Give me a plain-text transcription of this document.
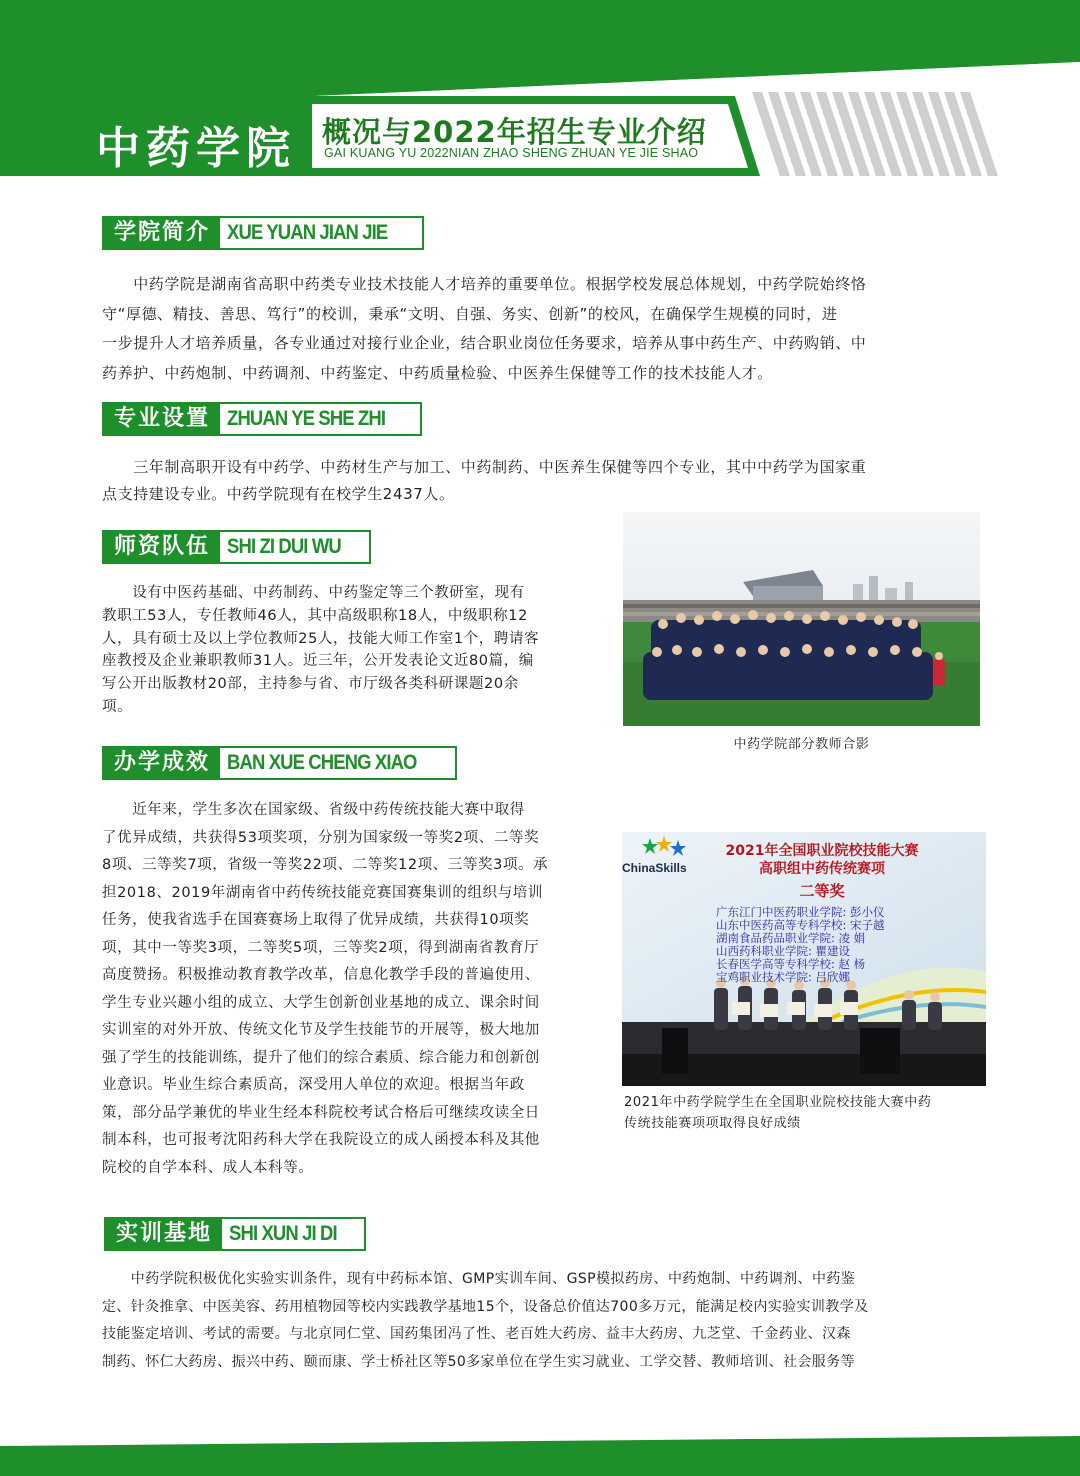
中药学院 概况与2022年招生专业介绍
GAI KUANG YU 2022NIAN ZHAO SHENG ZHUAN YE JIE SHAO
学院简介 XUE YUAN JIAN JIE
　　中药学院是湖南省高职中药类专业技术技能人才培养的重要单位。根据学校发展总体规划，中药学院始终恪
守“厚德、精技、善思、笃行”的校训，秉承“文明、自强、务实、创新”的校风，在确保学生规模的同时，进
一步提升人才培养质量，各专业通过对接行业企业，结合职业岗位任务要求，培养从事中药生产、中药购销、中
药养护、中药炮制、中药调剂、中药鉴定、中药质量检验、中医养生保健等工作的技术技能人才。
专业设置 ZHUAN YE SHE ZHI
　　三年制高职开设有中药学、中药材生产与加工、中药制药、中医养生保健等四个专业，其中中药学为国家重
点支持建设专业。中药学院现有在校学生2437人。
师资队伍 SHI ZI DUI WU
　　设有中医药基础、中药制药、中药鉴定等三个教研室，现有
教职工53人，专任教师46人，其中高级职称18人，中级职称12
人，具有硕士及以上学位教师25人，技能大师工作室1个，聘请客
座教授及企业兼职教师31人。近三年，公开发表论文近80篇，编
写公开出版教材20部，主持参与省、市厅级各类科研课题20余
项。
中药学院部分教师合影
办学成效 BAN XUE CHENG XIAO
　　近年来，学生多次在国家级、省级中药传统技能大赛中取得
了优异成绩，共获得53项奖项，分别为国家级一等奖2项、二等奖
8项、三等奖7项，省级一等奖22项、二等奖12项、三等奖3项。承
担2018、2019年湖南省中药传统技能竞赛国赛集训的组织与培训
任务，使我省选手在国赛赛场上取得了优异成绩，共获得10项奖
项，其中一等奖3项，二等奖5项，三等奖2项，得到湖南省教育厅
高度赞扬。积极推动教育教学改革，信息化教学手段的普遍使用、
学生专业兴趣小组的成立、大学生创新创业基地的成立、课余时间
实训室的对外开放、传统文化节及学生技能节的开展等，极大地加
强了学生的技能训练，提升了他们的综合素质、综合能力和创新创
业意识。毕业生综合素质高，深受用人单位的欢迎。根据当年政
策，部分品学兼优的毕业生经本科院校考试合格后可继续攻读全日
制本科，也可报考沈阳药科大学在我院设立的成人函授本科及其他
院校的自学本科、成人本科等。
ChinaSkills
2021年全国职业院校技能大赛
高职组中药传统赛项
二等奖
广东江门中医药职业学院: 彭小仪
山东中医药高等专科学校: 宋子越
湖南食品药品职业学院: 凌 娟
山西药科职业学院: 瞿建设
长春医学高等专科学校: 赵 杨
宝鸡职业技术学院: 吕欣娜
2021年中药学院学生在全国职业院校技能大赛中药
传统技能赛项项取得良好成绩
实训基地 SHI XUN JI DI
　　中药学院积极优化实验实训条件，现有中药标本馆、GMP实训车间、GSP模拟药房、中药炮制、中药调剂、中药鉴
定、针灸推拿、中医美容、药用植物园等校内实践教学基地15个，设备总价值达700多万元，能满足校内实验实训教学及
技能鉴定培训、考试的需要。与北京同仁堂、国药集团冯了性、老百姓大药房、益丰大药房、九芝堂、千金药业、汉森
制药、怀仁大药房、振兴中药、颐而康、学士桥社区等50多家单位在学生实习就业、工学交替、教师培训、社会服务等
